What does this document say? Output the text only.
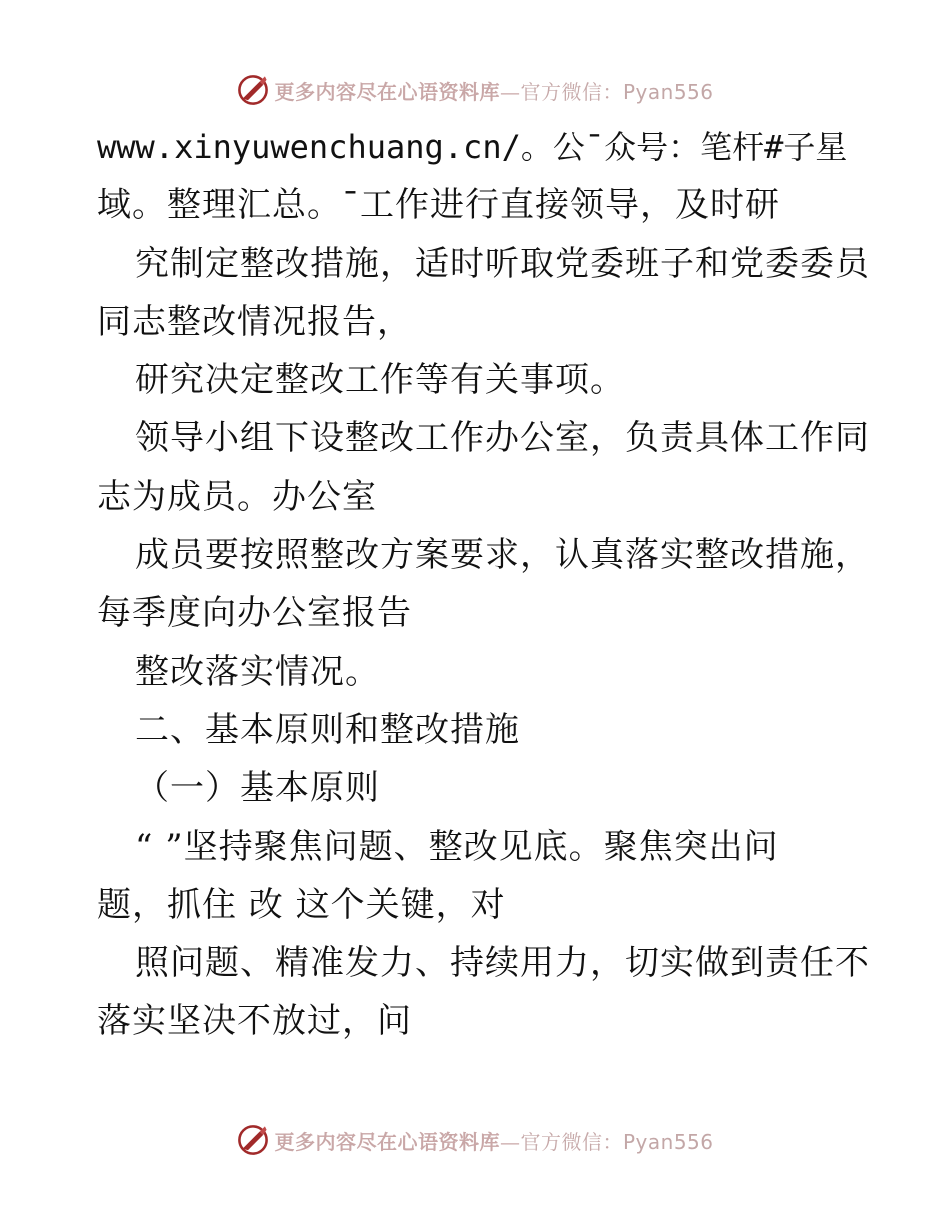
更多内容尽在心语资料库—官方微信：Pyan556
www.xinyuwenchuang.cn/。公¯众号：笔杆#子星
域。整理汇总。¯工作进行直接领导，及时研
究制定整改措施，适时听取党委班子和党委委员
同志整改情况报告，
研究决定整改工作等有关事项。
领导小组下设整改工作办公室，负责具体工作同
志为成员。办公室
成员要按照整改方案要求，认真落实整改措施，
每季度向办公室报告
整改落实情况。
二、基本原则和整改措施
（一）基本原则
“ ”坚持聚焦问题、整改见底。聚焦突出问
题，抓住 改 这个关键，对
照问题、精准发力、持续用力，切实做到责任不
落实坚决不放过，问
更多内容尽在心语资料库—官方微信：Pyan556
